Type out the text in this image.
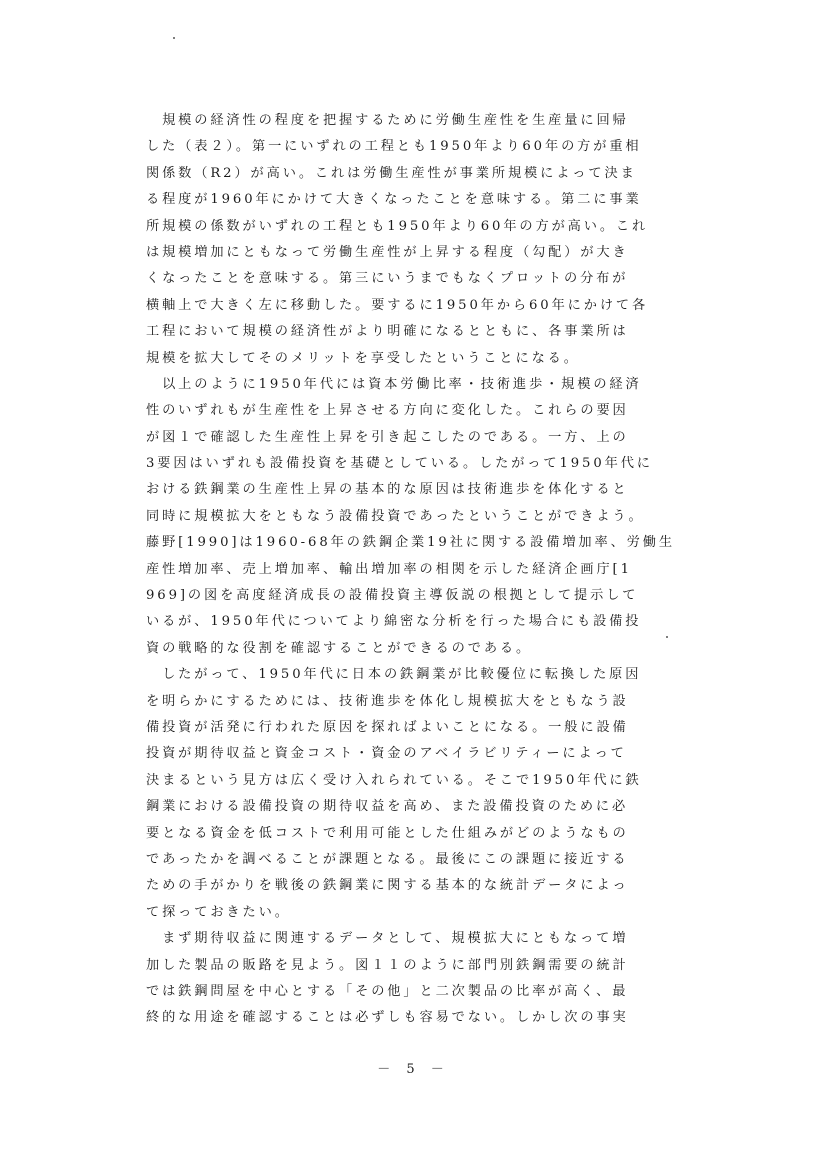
　規模の経済性の程度を把握するために労働生産性を生産量に回帰
した（表２）。第一にいずれの工程とも1950年より60年の方が重相
関係数（R2）が高い。これは労働生産性が事業所規模によって決ま
る程度が1960年にかけて大きくなったことを意味する。第二に事業
所規模の係数がいずれの工程とも1950年より60年の方が高い。これ
は規模増加にともなって労働生産性が上昇する程度（勾配）が大き
くなったことを意味する。第三にいうまでもなくプロットの分布が
横軸上で大きく左に移動した。要するに1950年から60年にかけて各
工程において規模の経済性がより明確になるとともに、各事業所は
規模を拡大してそのメリットを享受したということになる。
　以上のように1950年代には資本労働比率・技術進歩・規模の経済
性のいずれもが生産性を上昇させる方向に変化した。これらの要因
が図１で確認した生産性上昇を引き起こしたのである。一方、上の
3要因はいずれも設備投資を基礎としている。したがって1950年代に
おける鉄鋼業の生産性上昇の基本的な原因は技術進歩を体化すると
同時に規模拡大をともなう設備投資であったということができよう。
藤野[1990]は1960-68年の鉄鋼企業19社に関する設備増加率、労働生
産性増加率、売上増加率、輸出増加率の相関を示した経済企画庁[1
969]の図を高度経済成長の設備投資主導仮説の根拠として提示して
いるが、1950年代についてより綿密な分析を行った場合にも設備投
資の戦略的な役割を確認することができるのである。
　したがって、1950年代に日本の鉄鋼業が比較優位に転換した原因
を明らかにするためには、技術進歩を体化し規模拡大をともなう設
備投資が活発に行われた原因を探ればよいことになる。一般に設備
投資が期待収益と資金コスト・資金のアベイラビリティーによって
決まるという見方は広く受け入れられている。そこで1950年代に鉄
鋼業における設備投資の期待収益を高め、また設備投資のために必
要となる資金を低コストで利用可能とした仕組みがどのようなもの
であったかを調べることが課題となる。最後にこの課題に接近する
ための手がかりを戦後の鉄鋼業に関する基本的な統計データによっ
て探っておきたい。
　まず期待収益に関連するデータとして、規模拡大にともなって増
加した製品の販路を見よう。図１１のように部門別鉄鋼需要の統計
では鉄鋼問屋を中心とする「その他」と二次製品の比率が高く、最
終的な用途を確認することは必ずしも容易でない。しかし次の事実
－ 5 －
